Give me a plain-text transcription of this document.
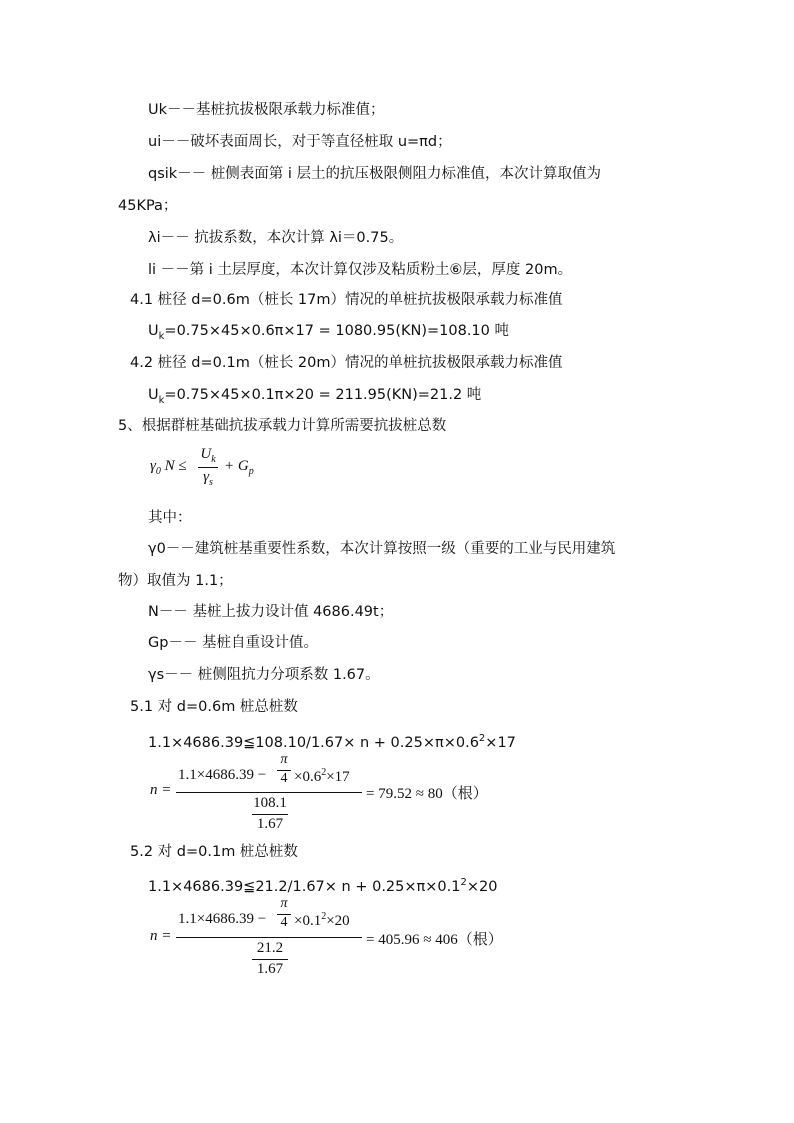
Uk－－基桩抗拔极限承载力标准值；
ui－－破坏表面周长，对于等直径桩取 u=πd；
qsik－－ 桩侧表面第 i 层土的抗压极限侧阻力标准值，本次计算取值为
45KPa；
λi－－ 抗拔系数，本次计算 λi＝0.75。
li －－第 i 土层厚度，本次计算仅涉及粘质粉土⑥层，厚度 20m。
4.1 桩径 d=0.6m（桩长 17m）情况的单桩抗拔极限承载力标准值
$U_k=0.75\times 45\times 0.6\pi\times 17 = 1080.95(KN)=108.10$ 吨
4.2 桩径 d=0.1m（桩长 20m）情况的单桩抗拔极限承载力标准值
$U_k=0.75\times 45\times 0.1\pi\times 20 = 211.95(KN)=21.2$ 吨
5、根据群桩基础抗拔承载力计算所需要抗拔桩总数
$\gamma_0$ N ≤
$U_k$
$\gamma_s$
+ $G_p$
其中：
γ0－－建筑桩基重要性系数，本次计算按照一级（重要的工业与民用建筑
物）取值为 1.1；
N－－ 基桩上拔力设计值 4686.49t；
Gp－－ 基桩自重设计值。
γs－－ 桩侧阻抗力分项系数 1.67。
5.1 对 d=0.6m 桩总桩数
1.1×4686.39≦108.10/1.67× $n + 0.25\times\pi\times 0.6^2\times 17$
n =
1.1×4686.39 −
π
$4 \times 0.6^2\times 17$
108.1
1.67
= 79.52 ≈ 80（根）
5.2 对 d=0.1m 桩总桩数
1.1×4686.39≦21.2/1.67× $n + 0.25\times\pi\times 0.1^2\times 20$
n =
1.1×4686.39 −
π
$4 \times 0.1^2\times 20$
21.2
1.67
= 405.96 ≈ 406（根）
